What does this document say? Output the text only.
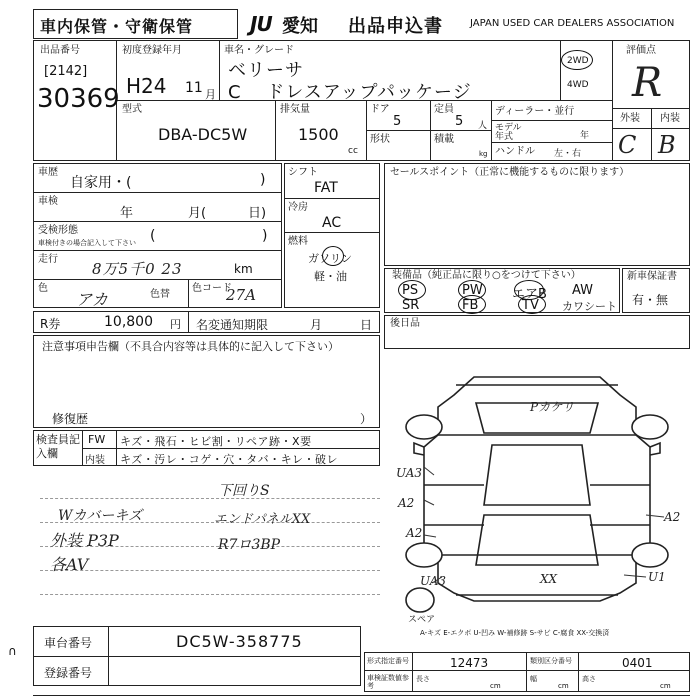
車内保管・守衛保管	JU 愛知 出品申込書	JAPAN USED CAR DEALERS ASSOCIATION
出品番号
[2142]
30369
初度登録年月
H24 11 月
車名・グレード
ベリーサ
C ドレスアップパッケージ
2WD
4WD
評価点
R
外装 内装
C B
型式
DBA-DC5W
排気量
1500
cc
ドア
5
定員
5 人
形状	積載
kg
ディーラー・並行
モデル年式	年
ハンドル 左・右
車歴
自家用・(	)
車検
年	月(	日)
受検形態
車検付きの場合記入して下さい (	)
走行
8万5千0 23	km
色
アカ	色替
色コード
27A
シフト
FAT
冷房
AC
燃料
ガソリン
軽・油
セールスポイント（正常に機能するものに限ります）
装備品（純正品に限り○をつけて下さい）
PS	PW エアB AW
SR	FB	TV カワシート
新車保証書
有・無
R券	10,800 円 名変通知期限	月	日 後日品
注意事項申告欄（不具合内容等は具体的に記入して下さい）
修復歴	）
検査員記入欄
FW キズ・飛石・ヒビ割・リペア跡・X要
内装 キズ・汚レ・コゲ・穴・タバ・キレ・破レ
Wカバーキズ
外装 P3P
各AV
下回りS
エンドパネルXX
R7ロ3BP
Pカケリ
UA3
A2
A2
XX
UA3
A2
U1
スペア
A-キズ E-エクボ U-凹み W-補修跡 S-サビ C-腐食 XX-交換済
車台番号	DC5W-358775
登録番号
∩
形式指定番号	12473	類別区分番号	0401
車検証数値参考
長さ
cm
幅
cm
高さ
cm
